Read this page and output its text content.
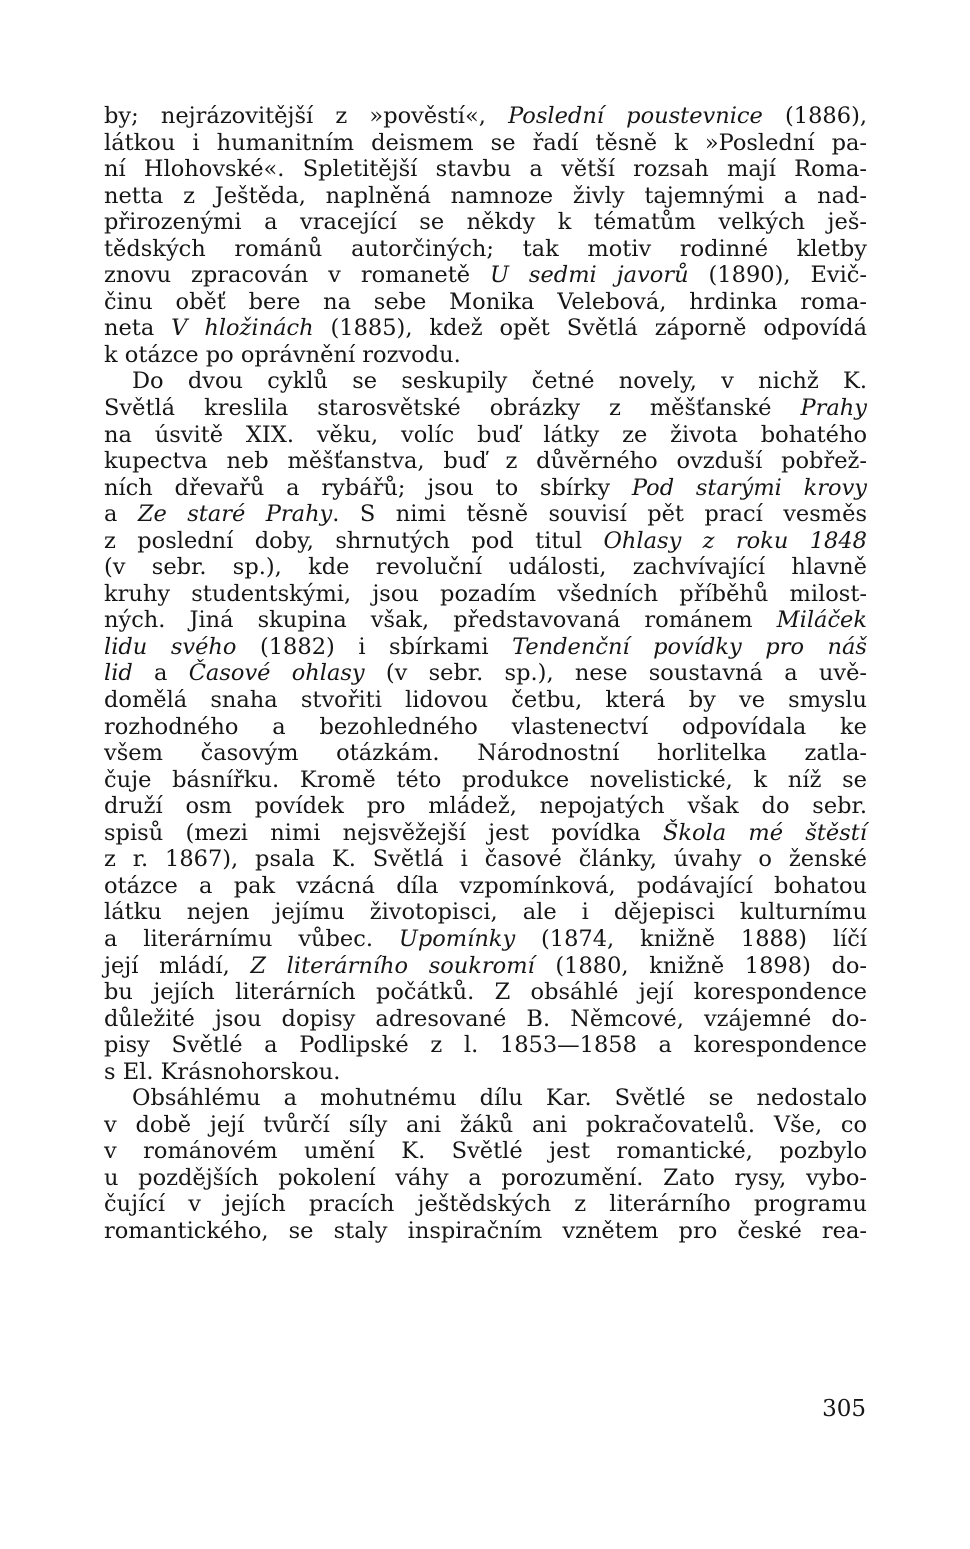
by; nejrázovitější z »pověstí«, Poslední poustevnice (1886),
látkou i humanitním deismem se řadí těsně k »Poslední pa-
ní Hlohovské«. Spletitější stavbu a větší rozsah mají Roma-
netta z Ještěda, naplněná namnoze živly tajemnými a nad-
přirozenými a vracející se někdy k tématům velkých ješ-
tědských románů autorčiných; tak motiv rodinné kletby
znovu zpracován v romanetě U sedmi javorů (1890), Evič-
činu oběť bere na sebe Monika Velebová, hrdinka roma-
neta V hložinách (1885), kdež opět Světlá záporně odpovídá
k otázce po oprávnění rozvodu.
Do dvou cyklů se seskupily četné novely, v nichž K.
Světlá kreslila starosvětské obrázky z měšťanské Prahy
na úsvitě XIX. věku, volíc buď látky ze života bohatého
kupectva neb měšťanstva, buď z důvěrného ovzduší pobřež-
ních dřevařů a rybářů; jsou to sbírky Pod starými krovy
a Ze staré Prahy. S nimi těsně souvisí pět prací vesměs
z poslední doby, shrnutých pod titul Ohlasy z roku 1848
(v sebr. sp.), kde revoluční události, zachvívající hlavně
kruhy studentskými, jsou pozadím všedních příběhů milost-
ných. Jiná skupina však, představovaná románem Miláček
lidu svého (1882) i sbírkami Tendenční povídky pro náš
lid a Časové ohlasy (v sebr. sp.), nese soustavná a uvě-
domělá snaha stvořiti lidovou četbu, která by ve smyslu
rozhodného a bezohledného vlastenectví odpovídala ke
všem časovým otázkám. Národnostní horlitelka zatla-
čuje básnířku. Kromě této produkce novelistické, k níž se
druží osm povídek pro mládež, nepojatých však do sebr.
spisů (mezi nimi nejsvěžejší jest povídka Škola mé štěstí
z r. 1867), psala K. Světlá i časové články, úvahy o ženské
otázce a pak vzácná díla vzpomínková, podávající bohatou
látku nejen jejímu životopisci, ale i dějepisci kulturnímu
a literárnímu vůbec. Upomínky (1874, knižně 1888) líčí
její mládí, Z literárního soukromí (1880, knižně 1898) do-
bu jejích literárních počátků. Z obsáhlé její korespondence
důležité jsou dopisy adresované B. Němcové, vzájemné do-
pisy Světlé a Podlipské z l. 1853—1858 a korespondence
s El. Krásnohorskou.
Obsáhlému a mohutnému dílu Kar. Světlé se nedostalo
v době její tvůrčí síly ani žáků ani pokračovatelů. Vše, co
v románovém umění K. Světlé jest romantické, pozbylo
u pozdějších pokolení váhy a porozumění. Zato rysy, vybo-
čující v jejích pracích ještědských z literárního programu
romantického, se staly inspiračním vznětem pro české rea-
305
